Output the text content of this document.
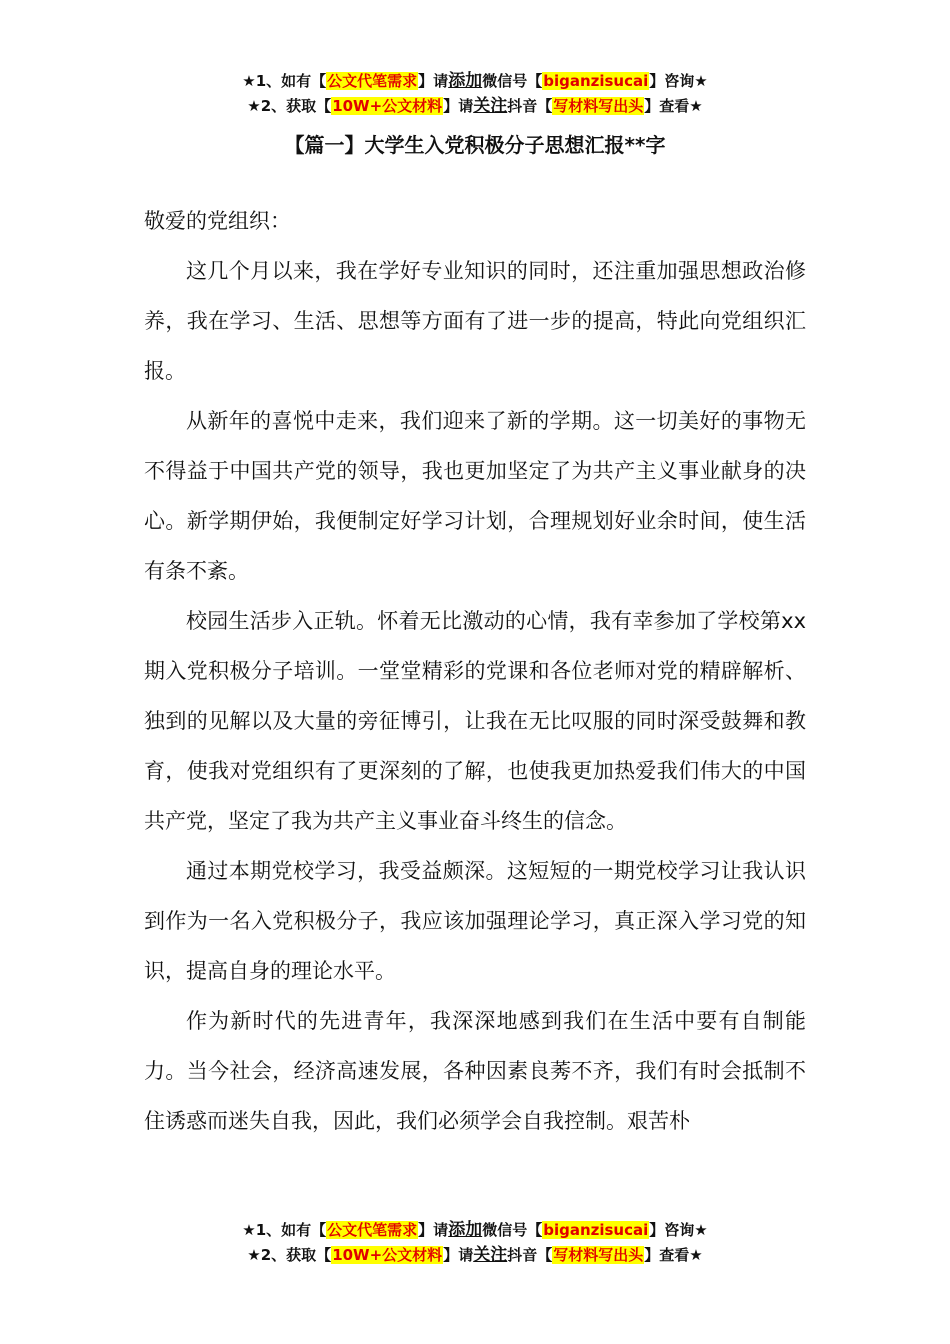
★1、如有【公文代笔需求】请添加微信号【biganzisucai】咨询★
★2、获取【10W+公文材料】请关注抖音【写材料写出头】查看★
【篇一】大学生入党积极分子思想汇报**字

敬爱的党组织：

这几个月以来，我在学好专业知识的同时，还注重加强思想政治修养，我在学习、生活、思想等方面有了进一步的提高，特此向党组织汇报。

从新年的喜悦中走来，我们迎来了新的学期。这一切美好的事物无不得益于中国共产党的领导，我也更加坚定了为共产主义事业献身的决心。新学期伊始，我便制定好学习计划，合理规划好业余时间，使生活有条不紊。

校园生活步入正轨。怀着无比激动的心情，我有幸参加了学校第xx期入党积极分子培训。一堂堂精彩的党课和各位老师对党的精辟解析、独到的见解以及大量的旁征博引，让我在无比叹服的同时深受鼓舞和教育，使我对党组织有了更深刻的了解，也使我更加热爱我们伟大的中国共产党，坚定了我为共产主义事业奋斗终生的信念。

通过本期党校学习，我受益颇深。这短短的一期党校学习让我认识到作为一名入党积极分子，我应该加强理论学习，真正深入学习党的知识，提高自身的理论水平。

作为新时代的先进青年，我深深地感到我们在生活中要有自制能力。当今社会，经济高速发展，各种因素良莠不齐，我们有时会抵制不住诱惑而迷失自我，因此，我们必须学会自我控制。艰苦朴

★1、如有【公文代笔需求】请添加微信号【biganzisucai】咨询★
★2、获取【10W+公文材料】请关注抖音【写材料写出头】查看★
